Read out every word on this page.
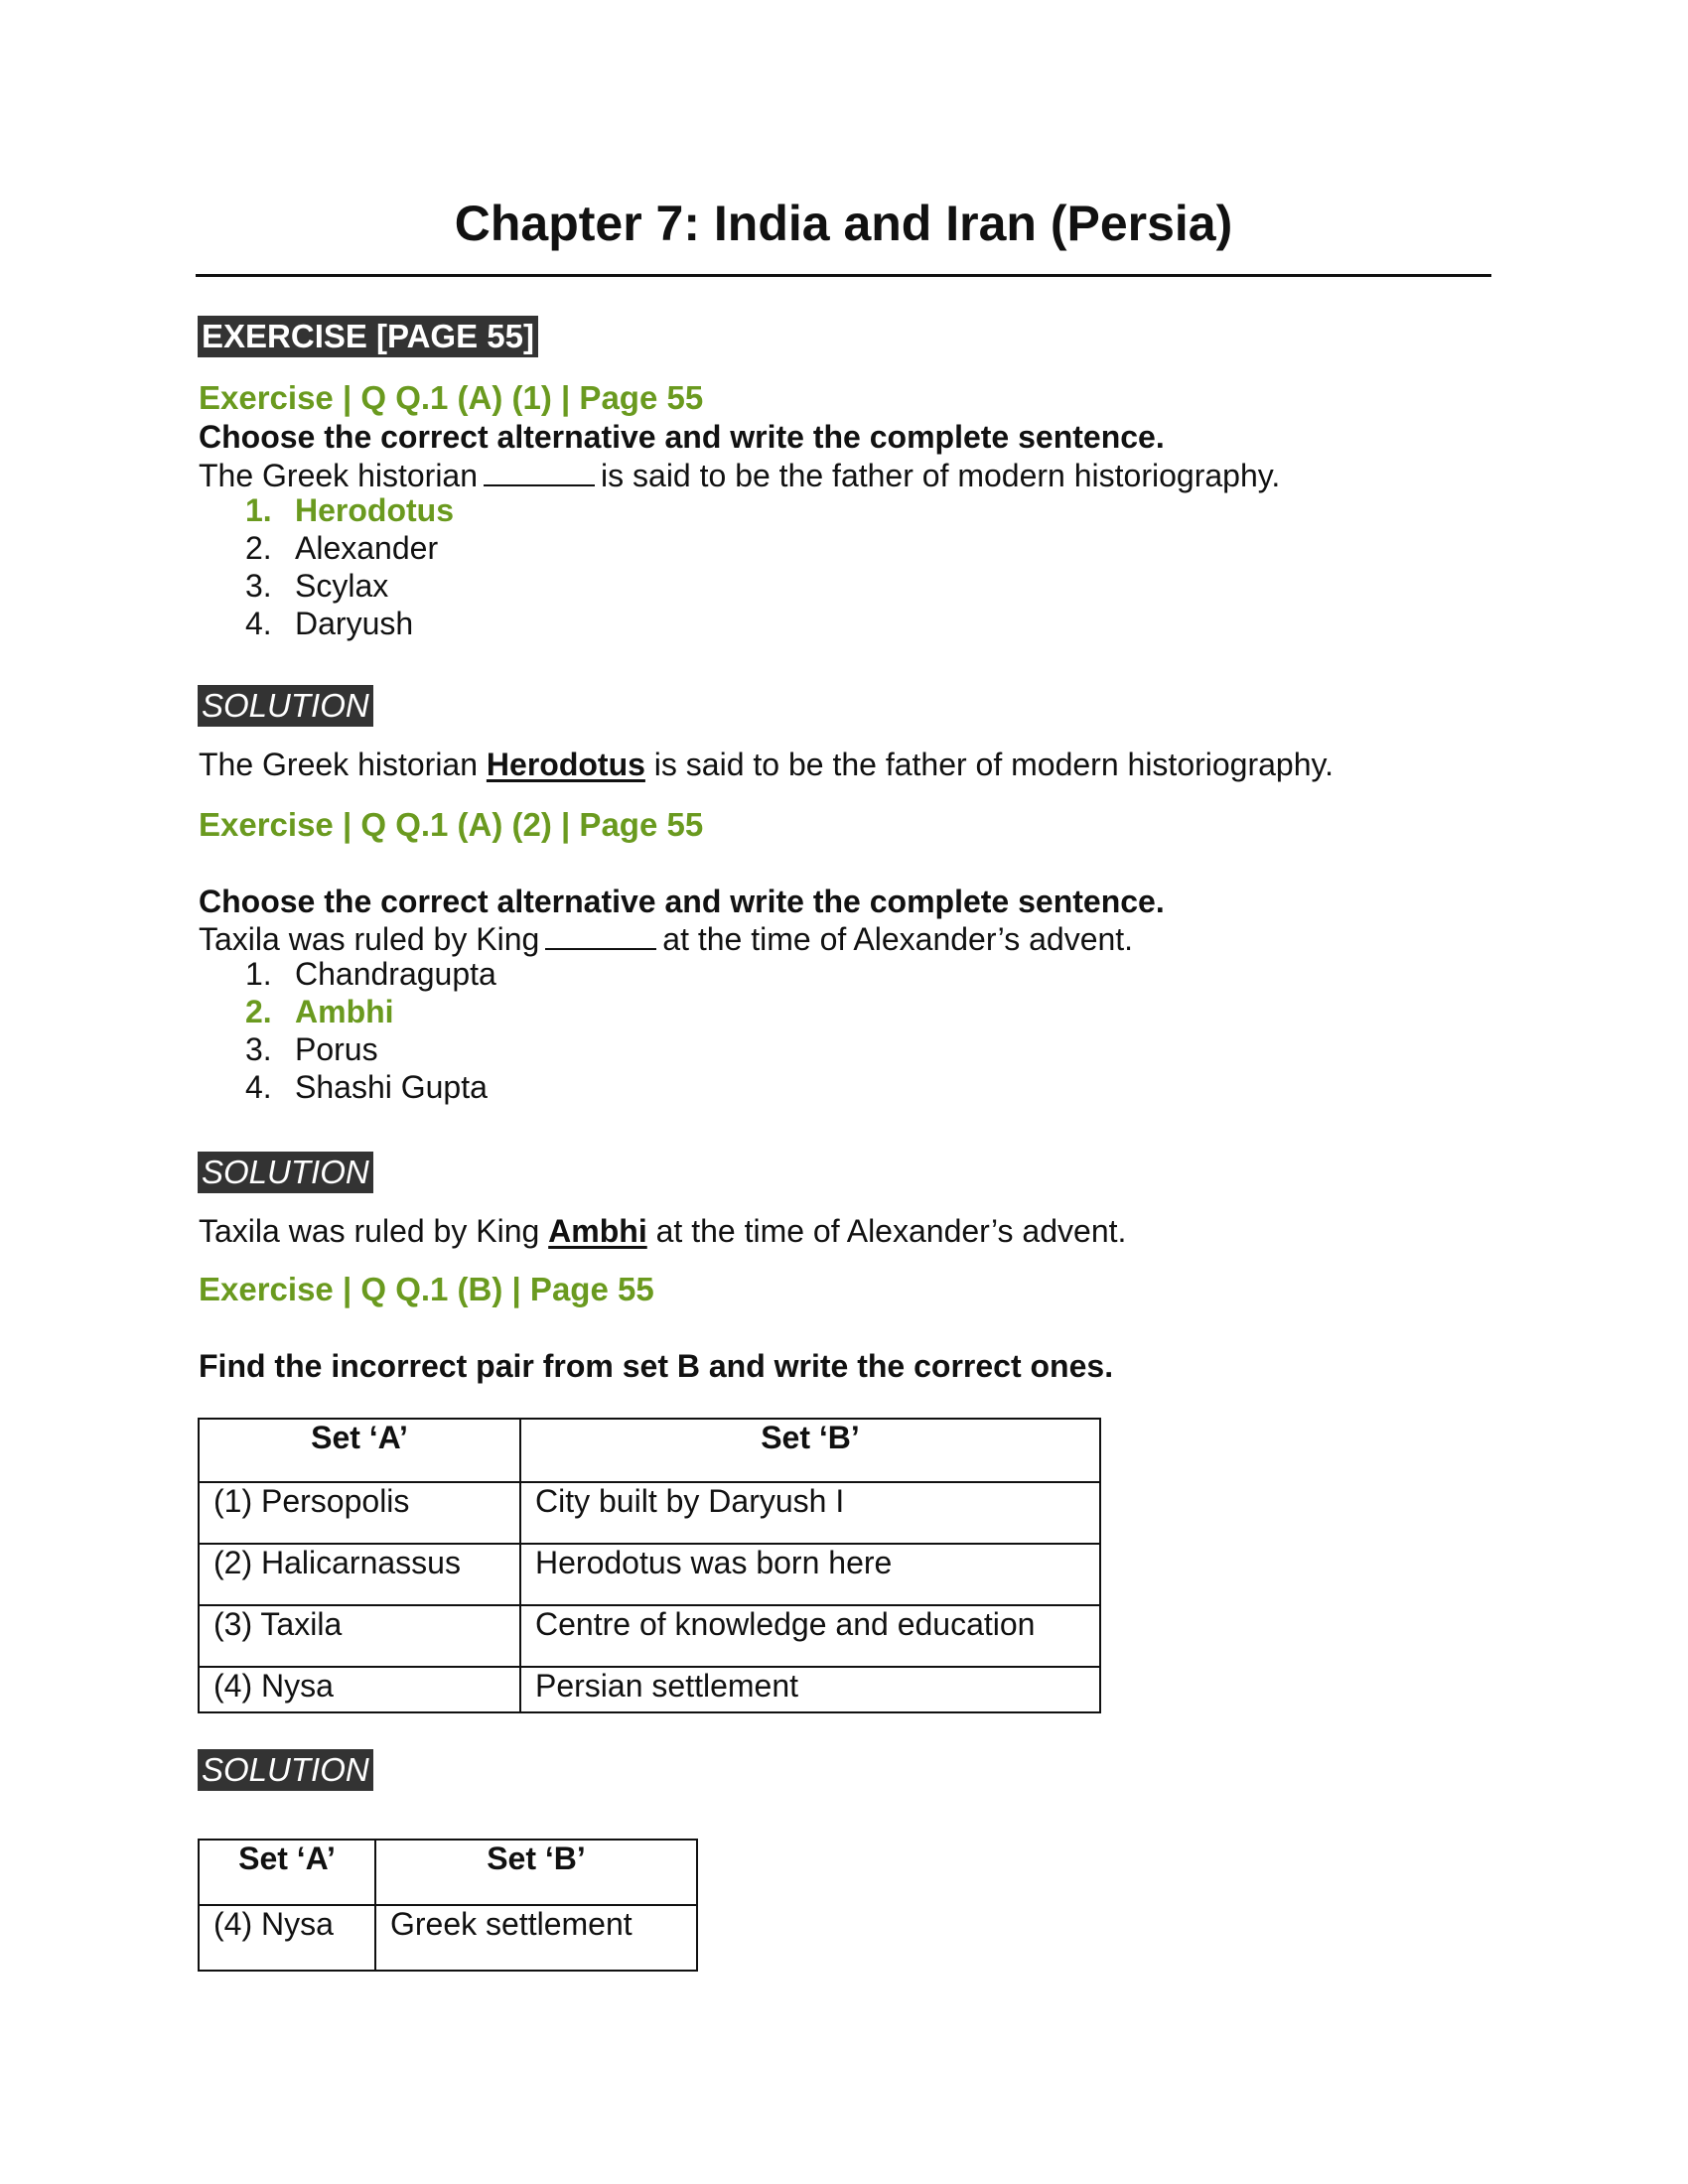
Chapter 7: India and Iran (Persia)
EXERCISE [PAGE 55]

Exercise | Q Q.1 (A) (1) | Page 55

Choose the correct alternative and write the complete sentence.

The Greek historian	is said to be the father of modern historiography.

1. Herodotus
2. Alexander
3. Scylax
4. Daryush
SOLUTION

The Greek historian Herodotus is said to be the father of modern historiography.

Exercise | Q Q.1 (A) (2) | Page 55

Choose the correct alternative and write the complete sentence.

Taxila was ruled by King	at the time of Alexander’s advent.

1. Chandragupta
2. Ambhi
3. Porus
4. Shashi Gupta
SOLUTION

Taxila was ruled by King Ambhi at the time of Alexander’s advent.

Exercise | Q Q.1 (B) | Page 55

Find the incorrect pair from set B and write the correct ones.

Set ‘A’	Set ‘B’
(1) Persopolis	City built by Daryush I
(2) Halicarnassus	Herodotus was born here
(3) Taxila	Centre of knowledge and education
(4) Nysa	Persian settlement
SOLUTION
Set ‘A’	Set ‘B’
(4) Nysa	Greek settlement
